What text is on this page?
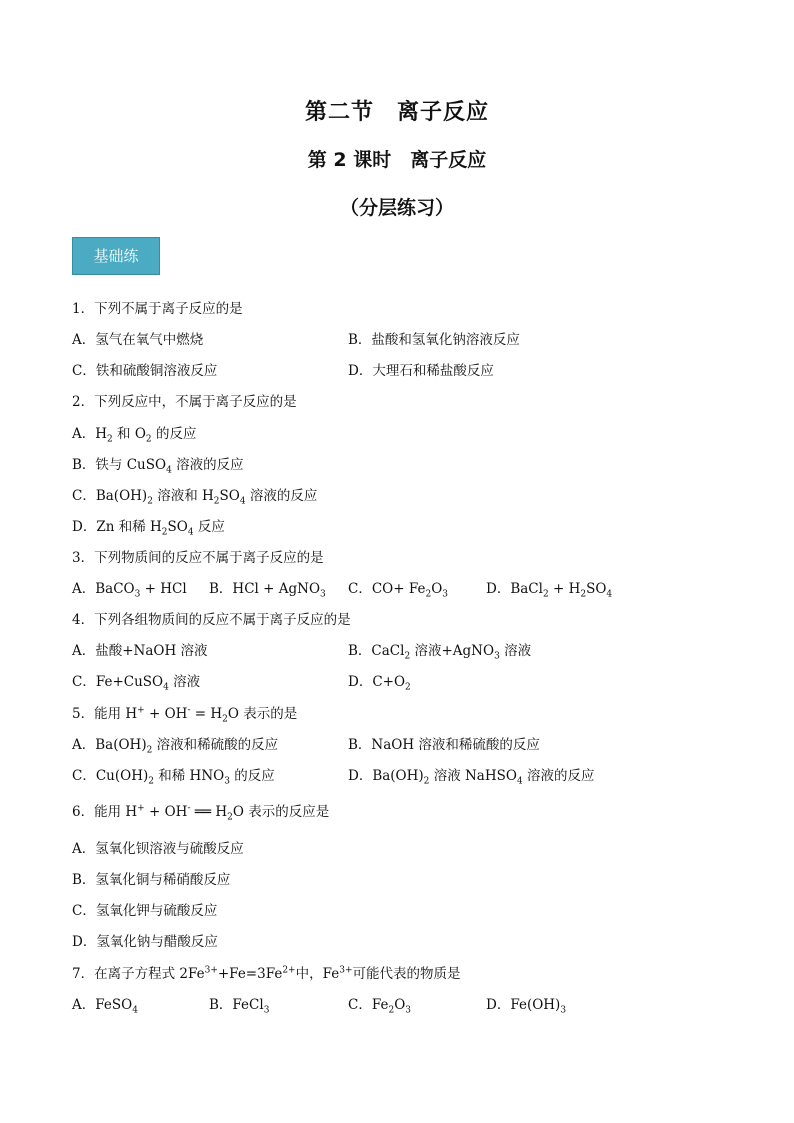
第二节　离子反应
第 2 课时　离子反应
（分层练习）
基础练
1．下列不属于离子反应的是
A．氢气在氧气中燃烧	B．盐酸和氢氧化钠溶液反应
C．铁和硫酸铜溶液反应	D．大理石和稀盐酸反应
2．下列反应中，不属于离子反应的是
A．$H_2$ 和 $O_2$ 的反应
B．铁与 CuSO$_4$ 溶液的反应
C．$Ba(OH)_2$ 溶液和 $H_2SO_4$ 溶液的反应
D．Zn 和稀 $H_2SO_4$ 反应
3．下列物质间的反应不属于离子反应的是
A．BaCO$_3$ + HCl B．HCl + AgNO$_3$ C．$CO+ Fe_2O_3$	D．BaCl$_2$ + $H_2SO_4$
4．下列各组物质间的反应不属于离子反应的是
A．盐酸+NaOH 溶液	B．CaCl$_2$ 溶液+AgNO$_3$ 溶液
C．Fe+CuSO$_4$ 溶液	D．$C+O_2$
5．能用 $H^+ + OH^- = H_2O$ 表示的是
A．$Ba(OH)_2$ 溶液和稀硫酸的反应	B．NaOH 溶液和稀硫酸的反应
C．$Cu(OH)_2$ 和稀 $HNO_3$ 的反应	D．$Ba(OH)_2$ 溶液 NaHSO$_4$ 溶液的反应
6．能用 H+ + OH- ══ $H_2O$ 表示的反应是
A．氢氧化钡溶液与硫酸反应
B．氢氧化铜与稀硝酸反应
C．氢氧化钾与硫酸反应
D．氢氧化钠与醋酸反应
7．在离子方程式 $2Fe^{3+}+Fe=3Fe^{2+}$中，$Fe^{3+}$可能代表的物质是
A．FeSO$_4$	B．FeCl$_3$	C．$Fe_2O_3$	D．$Fe(OH)_3$
